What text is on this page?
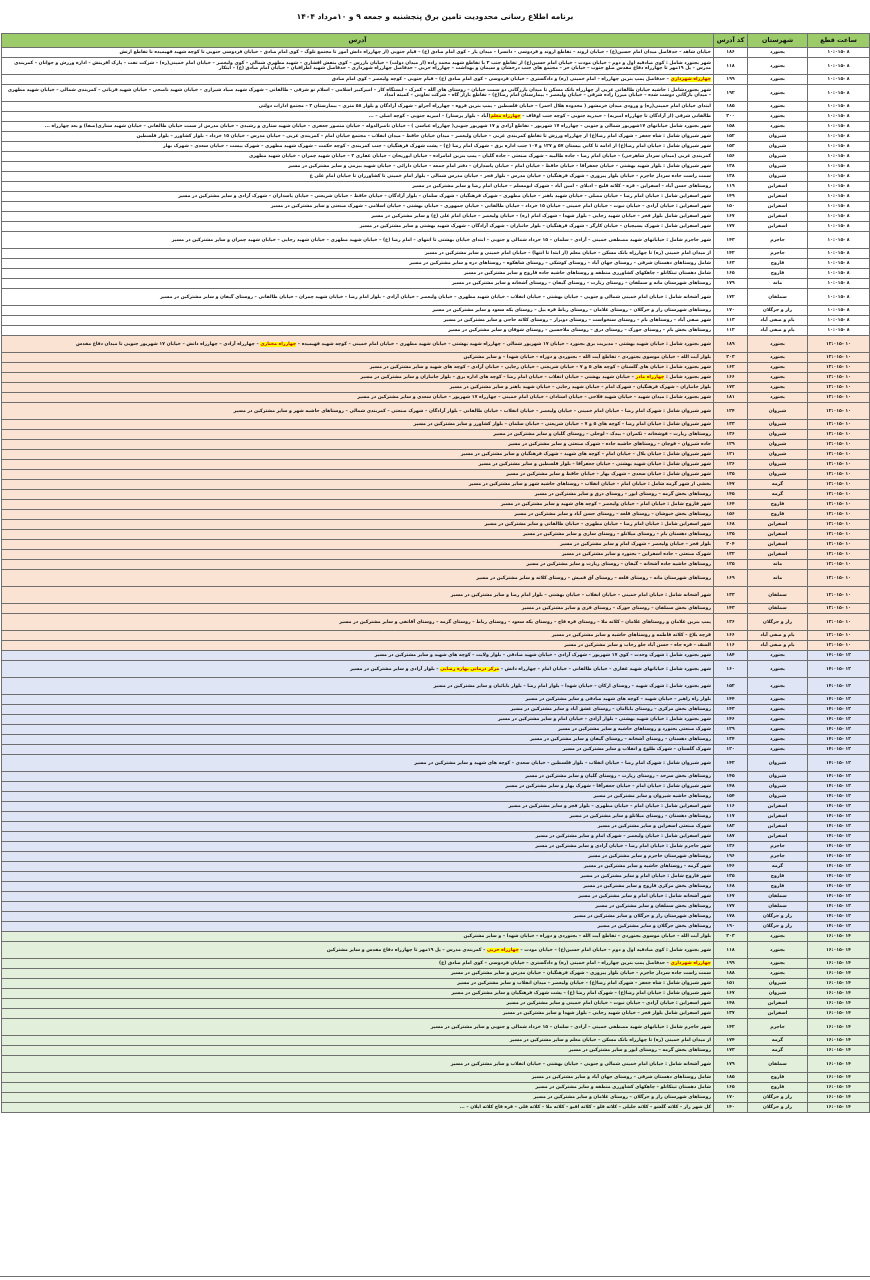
برنامه اطلاع رسانی محدودیت تامین برق پنجشنبه و جمعه ۹ و ۱۰مرداد ۱۴۰۴
ساعت قطع	شهرستان	کد آدرس	آدرس
۸ -۱۰:۰۱۵	بجنورد	۱۸۶	خیابان شاهد – حدفاصل میدان امام حسین(ع) – خیابان اروند – تقاطع اروند و فردوسی – دانسرا – میدان یار – کوی امام صادق (ع) – قیام جنوبی (از چهارراه دانش آموز تا مجتمع تلوگ – کوی امام صادق – خیابان فردوسی جنوبی تا کوچه شهید فهیمیده تا تقاطع ارتش
۸ -۱۰:۰۱۵	بجنورد	۱۱۸	شهر بجنورد شامل : کوی صادقیه اول و دوم – خیابان مودت – خیابان امام حسین(ع) از تقاطع جنب ۲ با تقاطع شهید محمد زاده (از میدان دولت) – خیابان بازرس – کوی بنفش افشاری – شهید مطهری شمالی – کوی ولیعصر – خیابان امام خمینی(ره) – شرکت نفت – پارک آفرینش – اداره ورزش و جوانان – کمربندی مدرس – پل ۱۹مهر تا چهارراه دفاع مقدس ضلع جنوب – خیابان حر – مجتمع های جنب درخشان و سیمان و بهداشت – چهارراه حربی – حدفاصل چهارراه شهرداری – حدفاصل شهید اطرافیان – خیابان امام صادق (ع) – ابتکار
۸ -۱۰:۰۱۵	بجنورد	۱۹۹	چهارراه شهرداری – حدفاصل پمپ بنزین چهارراه – امام خمینی (ره) و دادگستری – خیابان فردوسی – کوی امام صادق (ع) – قیام جنوبی – کوچه ولیعصر – کوی امام صادق
۸ -۱۰:۰۱۵	بجنورد	۱۹۲	شهر بجنوردشامل : حاشیه خیابان طالقانی غربی از چهارراه بانک مسکن تا میدان بارزگانی دو سمت خیابان – روستای های آلله – کمرک – ایستگاه کار – امیرکبیر اسلامی – اسلام نو شرقی – طالقانی – شهرک شهید صیاد شیرازی – خیابان شهید ناصحی – خیابان شهید قربانی – کمربندی شمالی – خیابان شهید مطهری – میدان بازگانی دوست شده – خیابان میرزا زاده شرقی – خیابان ولیعصر – بیمارستان امام رضا(ع) – تقاطع بازار گاه – شرکت تعاونی – کمیته امداد
۸ -۱۰:۰۱۵	بجنورد	۱۸۵	ابتدای خیابان امام خمینی(ره) و ورودی میدان خرمشهر ( محدوده هلال احمر) – خیابان فلسطین – پمپ بنزین قروه – چهارراه آجرلو – شهرک آزادگان و بلوار ۵۸ متری – بیمارستان ۲ – مجتمع ادارات دولتی
۸ -۱۰:۰۱۵	بجنورد	۲۰۰	طالقانی شرقی (از آزادگان تا چهارراه امیریه) – حیدریه جنوبی – کوچه جنب اوقاف – چهارراه معلم(آباد – بلوار پرستار) – امیریه جنوبی – کوچه اصلی – ...
۸ -۱۰:۰۱۵	بجنورد	۱۵۸	شهر بجنورد شامل خیابانهای ۱۷شهریور شمالی و جنوبی – چهارراه ۱۷ شهریور – تقاطع آزادی و ۱۷ شهریور جنوبی( چهارراه عباسی ) – خیابان ناصرالدوله – خیابان منصور جعفری – خیابان شهید ستاری و رشیدی – خیابان مدرس از سمت خیابان طالقانی – خیابان شهید ستاری(صفا) و بعد چهارراه ...
۸ -۱۰:۰۱۵	شیروان	۱۵۲	شهر شیروان شامل : شاه جعفر – شهرک امام رضا(ع) از چهارراه ورزش تا تقاطع کمربندی غربی – خیابان ولیعصر – میدان خیابان حافظ – میدان انقلاب – مجتمع خیابان امام – کمربندی غربی – خیابان مدرس – خیابان ۱۵ خرداد – بلوار کشاورز – بلوار فلسطین
۸ -۱۰:۰۱۵	شیروان	۱۵۳	شهر شیروان شامل : خیابان امام رضا(ع) از ادامه تا کانی بیستان ۵۷ و ۱۲۷ و ۱۰۷ جنب اداره برق – شهرک امام رضا (ع) – پشت شهرک فرهنگیان – جنب کمربندی – کوچه حکمت – شهرک شهید مطهری – شهرک بیست – خیابان سعدی – شهرک بهار
۸ -۱۰:۰۱۵	شیروان	۱۵۶	کمربندی غربی (میدان سردار شاهرخی) – خیابان امام رضا – جاده طالبیه – شهرک صنعتی – جاده گلیان – پمپ بنزین امامزاده – خیابان ابوریحان – خیابان غفاری ۲ – خیابان شهید چمران – خیابان شهید مطهری
۸ -۱۰:۰۱۵	شیروان	۱۳۸	شهر شیروان شامل : بلوار شهید بهشتی – خیابان جعفرآقا – خیابان حافظ – خیابان امام – خیابان پاسداران – دفتر امام جمعه – خیابان دارائی – خیابان شهید بیرمی و سایر مشترکین در مسیر
۸ -۱۰:۰۱۵	شیروان	۱۳۸	سمت راست جاده سردار جاجرم – خیابان بلوار پیروزی – شهرک فرهنگیان – خیابان مدرس – بلوار فجر – خیابان مدرس شمالی – بلوار امام خمینی تا کشاورزان تا خیابان امام علی ع
۸ -۱۰:۰۱۵	اسفراین	۱۱۹	روستاهای حسن آباد – اسفراین – قره – کلاته قلیچ – ادبلای – امین آباد – شهرک ابومسلم – خیابان امام رضا و سایر مشترکین در مسیر
۸ -۱۰:۰۱۵	اسفراین	۱۴۹	شهر اسفراین شامل : خیابان امام رضا – خیابان مصلی – خیابان شهید باهنر – خیابان مطهری – شهرک فرهنگیان – شهرک سلمان – بلوار آزادگان – خیابان حافظ – خیابان شریعتی – خیابان پاسداران – شهرک آزادی و سایر مشترکین در مسیر
۸ -۱۰:۰۱۵	اسفراین	۱۵۰	شهر اسفراین : خیابان آزادی – خیابان نبوت – خیابان امام خمینی – خیابان ۱۵ خرداد – خیابان طالقانی – خیابان جمهوری – خیابان بهشتی – خیابان اسلامی – شهرک صنعتی و سایر مشترکین در مسیر
۸ -۱۰:۰۱۵	اسفراین	۱۶۷	شهر اسفراین شامل بلوار فجر – خیابان شهید رجایی – بلوار شهدا – شهرک امام (ره) – خیابان ولیعصر – خیابان امام علی (ع) و سایر مشترکین در مسیر
۸ -۱۰:۰۱۵	اسفراین	۱۷۷	شهر اسفراین شامل : شهرک بسیجیان – خیابان کارگر – شهرک فرهنگیان – بلوار جانبازان – شهرک آزادگان – شهرک شهید بهشتی و سایر مشترکین در مسیر
۸ -۱۰:۰۱۵	جاجرم	۱۴۳	شهر جاجرم شامل : خیابانهای شهید مصطفی خمینی – آزادی – سلمان – ۱۵ خرداد شمالی و جنوبی – ابتدای خیابان بهشتی تا انتهای – امام رضا (ع) – خیابان شهید مطهری – خیابان شهید رجایی – خیابان شهید چمران و سایر مشترکین در مسیر
۸ -۱۰:۰۱۵	جاجرم	۱۴۲	از میدان امام خمینی (ره) تا چهارراه بانک مسکن – خیابان معلم (از ابتدا تا انتها) – خیابان امام خمینی و سایر مشترکین در مسیر
۸ -۱۰:۰۱۵	فاروج	۱۶۳	شامل روستاهای دهستان شرقی – روستای جهان آباد – روستای کوشکی – روستای شاهکوه – روستاهای دره و سایر مشترکین در مسیر
۸ -۱۰:۰۱۵	فاروج	۱۶۵	شامل دهستان تیتکانلو – چاهکهای کشاورزی منطقه و روستاهای حاشیه جاده فاروج و سایر مشترکین در مسیر
۸ -۱۰:۰۱۵	مانه	۱۷۹	روستاهای شهرستان مانه و سملقان – روستای زیارت – روستای گیفان – روستای آشخانه و سایر مشترکین در مسیر
۸ -۱۰:۰۱۵	سملقان	۱۷۲	شهر آشخانه شامل : خیابان امام خمینی شمالی و جنوبی – خیابان بهشتی – خیابان انقلاب – خیابان شهید مطهری – خیابان ولیعصر – خیابان آزادی – بلوار امام رضا – خیابان شهید چمران – خیابان طالقانی – روستای گیفان و سایر مشترکین در مسیر
۸ -۱۰:۰۱۵	راز و جرگلان	۱۷۰	روستاهای شهرستان راز و جرگلان – روستای غلامان – روستای رباط قره بیل – روستای یکه سعود و سایر مشترکین در مسیر
۸ -۱۰:۰۱۵	بام و صفی آباد	۱۱۳	شهر صفی آباد – روستاهای بام – روستای سنخواست – روستای دوبرار – روستای کلاته حاجی و سایر مشترکین در مسیر
۸ -۱۰:۰۱۵	بام و صفی آباد	۱۱۲	روستاهای بخش بام – روستای جوزک – روستای درق – روستای ملاحسین – روستای شوقان و سایر مشترکین در مسیر
۱۰ -۱۲:۰۱۵	بجنورد	۱۸۹	شهر بجنورد شامل : خیابان شهید بهشتی – مدیریت برق بجنورد – خیابان ۱۷ شهریور شمالی – چهارراه شهید بهشتی – خیابان شهید مطهری – خیابان امام خمینی – کوچه شهید فهیمیده – چهارراه مختاری – چهارراه آزادی – چهارراه دانش – خیابان ۱۷ شهریور جنوبی تا میدان دفاع مقدس
۱۰ -۱۲:۰۱۵	بجنورد	۲۰۳	بلوار آیت الله – خیابان موسوی بجنوردی – تقاطع آیت الله – بجنوردی و دوراه – خیابان شهدا – و سایر مشترکین
۱۰ -۱۲:۰۱۵	بجنورد	۱۶۲	شهر بجنورد شامل : خیابان های گلستان – کوچه های ۵ و ۷ – خیابان شریعتی – خیابان رجایی – خیابان آزادی – کوچه های شهید و سایر مشترکین در مسیر
۱۰ -۱۲:۰۱۵	بجنورد	۱۶۶	شهر بجنورد شامل : چهارراه مادر – خیابان شهید بهشتی – خیابان انقلاب – خیابان امام رضا – کوچه های اداره برق – بلوار جانبازان و سایر مشترکین در مسیر
۱۰ -۱۲:۰۱۵	بجنورد	۱۷۳	بلوار جانبازان – شهرک فرهنگیان – شهرک امام – خیابان شهید رجایی – خیابان شهید باهنر و سایر مشترکین در مسیر
۱۰ -۱۲:۰۱۵	بجنورد	۱۸۱	شهر بجنورد شامل : میدان شهید – خیابان شهید فلاحی – خیابان استادان – خیابان امام خمینی – چهارراه ۱۷ شهریور – خیابان سعدی و سایر مشترکین در مسیر
۱۰ -۱۲:۰۱۵	شیروان	۱۲۴	شهر شیروان شامل : شهرک امام رضا – خیابان امام خمینی – خیابان ولیعصر – خیابان انقلاب – خیابان طالقانی – بلوار آزادگان – شهرک صنعتی – کمربندی شمالی – روستاهای حاشیه شهر و سایر مشترکین در مسیر
۱۰ -۱۲:۰۱۵	شیروان	۱۳۳	شهر شیروان شامل : خیابان امام رضا – کوچه های ۵ و ۷ – خیابان شریعتی – خیابان سلمان – بلوار کشاورز و سایر مشترکین در مسیر
۱۰ -۱۲:۰۱۵	شیروان	۱۳۶	روستاهای زیارت – قوشخانه – تکمران – بیدک – لوجلی – روستای گلیان و سایر مشترکین در مسیر
۱۰ -۱۲:۰۱۵	شیروان	۱۲۹	جاده شیروان – قوچان – روستاهای حاشیه جاده – شهرک صنعتی و سایر مشترکین در مسیر
۱۰ -۱۲:۰۱۵	شیروان	۱۲۱	شهر شیروان شامل : خیابان بلال – خیابان امام – کوچه های شهید – شهرک فرهنگیان و سایر مشترکین در مسیر
۱۰ -۱۲:۰۱۵	شیروان	۱۲۶	شهر شیروان شامل : خیابان شهید بهشتی – خیابان جعفرآقا – بلوار فلسطین و سایر مشترکین در مسیر
۱۰ -۱۲:۰۱۵	شیروان	۱۳۵	شهر شیروان شامل : خیابان سعدی – شهرک بهار – خیابان حافظ و سایر مشترکین در مسیر
۱۰ -۱۲:۰۱۵	گرمه	۱۴۷	بخشی از شهر گرمه شامل : خیابان امام – خیابان انقلاب – روستاهای حاشیه شهر و سایر مشترکین در مسیر
۱۰ -۱۲:۰۱۵	گرمه	۱۴۵	روستاهای بخش گرمه – روستای ایور – روستای درق و سایر مشترکین در مسیر
۱۰ -۱۲:۰۱۵	فاروج	۱۶۴	شهر فاروج شامل : خیابان امام – خیابان ولیعصر – کوچه های شهید و سایر مشترکین در مسیر
۱۰ -۱۲:۰۱۵	فاروج	۱۵۶	روستاهای بخش خبوشان – روستای قلعه – روستای حسن آباد و سایر مشترکین در مسیر
۱۰ -۱۲:۰۱۵	اسفراین	۱۶۸	شهر اسفراین شامل : خیابان امام رضا – خیابان مطهری – خیابان طالقانی و سایر مشترکین در مسیر
۱۰ -۱۲:۰۱۵	اسفراین	۱۳۵	روستاهای دهستان بام – روستای میلانلو – روستای ساری و سایر مشترکین در مسیر
۱۰ -۱۲:۰۱۵	اسفراین	۲۰۴	بلوار فجر – خیابان ولیعصر – شهرک امام و سایر مشترکین در مسیر
۱۰ -۱۲:۰۱۵	اسفراین	۱۳۲	شهرک صنعتی – جاده اسفراین – بجنورد و سایر مشترکین در مسیر
۱۰ -۱۲:۰۱۵	مانه	۱۲۵	روستاهای حاشیه جاده آشخانه – گیفان – روستای زیارت و سایر مشترکین در مسیر
۱۰ -۱۲:۰۱۵	مانه	۱۶۹	روستاهای شهرستان مانه – روستای قلعه – روستای آق قمیش – روستای کلاته و سایر مشترکین در مسیر
۱۰ -۱۲:۰۱۵	سملقان	۱۳۳	شهر آشخانه شامل : خیابان امام خمینی – خیابان انقلاب – خیابان بهشتی – بلوار امام رضا و سایر مشترکین در مسیر
۱۰ -۱۲:۰۱۵	سملقان	۱۴۳	روستاهای بخش سملقان – روستای جوزک – روستای قزی و سایر مشترکین در مسیر
۱۰ -۱۲:۰۱۵	راز و جرگلان	۱۳۶	پمپ بنزین غلامان و روستاهای غلامان – کلاته ملا – روستای قره قاج – روستای یکه سعود – روستای رباط – روستای گرمه – روستای آقاتقی و سایر مشترکین در مسیر
۱۰ -۱۲:۰۱۵	بام و صفی آباد	۱۶۶	قرچه بلاغ – کلاته فاطمه و روستاهای حاشیه و سایر مشترکین در مسیر
۱۰ -۱۲:۰۱۵	بام و صفی آباد	۱۱۶	السف – قره جاه – حسن آباد جلو رجاب و سایر مشترکین در مسیر
۱۲ -۱۴:۰۱۵	بجنورد	۱۸۴	شهر بجنورد شامل : شهرک وحدت – کوی ۱۷ شهریور – شهرک آزادی – خیابان شهید صادقی – بلوار ولایت – کوچه های شهید و سایر مشترکین در مسیر
۱۲ -۱۴:۰۱۵	بجنورد	۱۶۰	شهر بجنورد شامل : خیابانهای شهید غفاری – خیابان طالقانی – خیابان امام – چهارراه دانش – مرکز درمانی بهاره رضایی – بلوار آزادی و سایر مشترکین در مسیر
۱۲ -۱۴:۰۱۵	بجنورد	۱۵۲	شهر بجنورد شامل : شهرک شهید – روستای ارکان – خیابان شهدا – بلوار امام رضا – بلوار بابائیان و سایر مشترکین در مسیر
۱۲ -۱۴:۰۱۵	بجنورد	۱۴۴	بلوار راه راهبر – خیابان شهید – کوچه های شهید صادقی و سایر مشترکین در مسیر
۱۲ -۱۴:۰۱۵	بجنورد	۱۴۳	روستاهای بخش مرکزی – روستای باباامان – روستای عشق آباد و سایر مشترکین در مسیر
۱۲ -۱۴:۰۱۵	بجنورد	۱۴۶	شهر بجنورد شامل : خیابان شهید بهشتی – بلوار آزادی – خیابان امام و سایر مشترکین در مسیر
۱۲ -۱۴:۰۱۵	بجنورد	۱۲۹	شهرک صنعتی بجنورد و روستاهای حاشیه و سایر مشترکین در مسیر
۱۲ -۱۴:۰۱۵	بجنورد	۱۳۴	روستاهای دهستان – روستای آشخانه – روستای گیفان و سایر مشترکین در مسیر
۱۲ -۱۴:۰۱۵	بجنورد	۱۲۰	شهرک گلستان – شهرک طلوع و انقلاب و سایر مشترکین در مسیر
۱۲ -۱۴:۰۱۵	شیروان	۱۴۲	شهر شیروان شامل : شهرک امام رضا – خیابان انقلاب – بلوار فلسطین – خیابان سعدی – کوچه های شهید و سایر مشترکین در مسیر
۱۲ -۱۴:۰۱۵	شیروان	۱۴۵	روستاهای بخش سرحد – روستای زیارت – روستای گلیان و سایر مشترکین در مسیر
۱۲ -۱۴:۰۱۵	شیروان	۱۴۸	شهر شیروان شامل : خیابان امام – خیابان جعفرآقا – شهرک بهار و سایر مشترکین در مسیر
۱۲ -۱۴:۰۱۵	شیروان	۱۵۴	روستاهای حاشیه شیروان و سایر مشترکین در مسیر
۱۲ -۱۴:۰۱۵	اسفراین	۱۱۶	شهر اسفراین شامل : خیابان امام – خیابان مطهری – بلوار فجر و سایر مشترکین در مسیر
۱۲ -۱۴:۰۱۵	اسفراین	۱۱۷	روستاهای دهستان – روستای میلانلو و سایر مشترکین در مسیر
۱۲ -۱۴:۰۱۵	اسفراین	۱۸۲	شهرک صنعتی اسفراین و سایر مشترکین در مسیر
۱۲ -۱۴:۰۱۵	اسفراین	۱۸۷	شهر اسفراین شامل : خیابان ولیعصر – شهرک امام و سایر مشترکین در مسیر
۱۲ -۱۴:۰۱۵	جاجرم	۱۳۶	شهر جاجرم شامل : خیابان امام رضا – خیابان آزادی و سایر مشترکین در مسیر
۱۲ -۱۴:۰۱۵	جاجرم	۱۹۶	روستاهای شهرستان جاجرم و سایر مشترکین در مسیر
۱۲ -۱۴:۰۱۵	گرمه	۱۴۶	شهر گرمه – روستاهای حاشیه و سایر مشترکین در مسیر
۱۲ -۱۴:۰۱۵	فاروج	۱۳۵	شهر فاروج شامل : خیابان امام و سایر مشترکین در مسیر
۱۲ -۱۴:۰۱۵	فاروج	۱۶۸	روستاهای بخش مرکزی فاروج و سایر مشترکین در مسیر
۱۲ -۱۴:۰۱۵	سملقان	۱۶۷	شهر آشخانه شامل : خیابان امام و سایر مشترکین در مسیر
۱۲ -۱۴:۰۱۵	سملقان	۱۷۷	روستاهای بخش سملقان و سایر مشترکین در مسیر
۱۲ -۱۴:۰۱۵	راز و جرگلان	۱۷۸	روستاهای شهرستان راز و جرگلان و سایر مشترکین در مسیر
۱۲ -۱۴:۰۱۵	راز و جرگلان	۱۹۰	روستاهای بخش جرگلان و سایر مشترکین در مسیر
۱۴ -۱۶:۰۱۵	بجنورد	۲۰۳	بلوار آیت الله – خیابان موسوی بجنوردی – تقاطع آیت الله – بجنوردی و دوراه – خیابان شهدا – و سایر مشترکین
۱۴ -۱۶:۰۱۵	بجنورد	۱۱۸	شهر بجنورد شامل : کوی صادقیه اول و دوم – خیابان امام حسین(ع) – خیابان مودت – چهارراه حربی – کمربندی مدرس – پل ۱۹مهر تا چهارراه دفاع مقدس و سایر مشترکین
۱۴ -۱۶:۰۱۵	بجنورد	۱۹۹	چهارراه شهرداری – حدفاصل پمپ بنزین چهارراه – امام خمینی (ره) و دادگستری – خیابان فردوسی – کوی امام صادق (ع)
۱۴ -۱۶:۰۱۵	بجنورد	۱۸۸	سمت راست جاده سردار جاجرم – خیابان بلوار پیروزی – شهرک فرهنگیان – خیابان مدرس و سایر مشترکین در مسیر
۱۴ -۱۶:۰۱۵	شیروان	۱۵۱	شهر شیروان شامل : شاه جعفر – شهرک امام رضا(ع) – خیابان ولیعصر – میدان انقلاب و سایر مشترکین در مسیر
۱۴ -۱۶:۰۱۵	شیروان	۱۶۷	شهر شیروان شامل : خیابان امام رضا(ع) – شهرک امام رضا (ع) – پشت شهرک فرهنگیان و سایر مشترکین در مسیر
۱۴ -۱۶:۰۱۵	اسفراین	۱۴۸	شهر اسفراین : خیابان آزادی – خیابان نبوت – خیابان امام خمینی و سایر مشترکین در مسیر
۱۴ -۱۶:۰۱۵	اسفراین	۱۳۷	شهر اسفراین شامل بلوار فجر – خیابان شهید رجایی – بلوار شهدا و سایر مشترکین در مسیر
۱۴ -۱۶:۰۱۵	جاجرم	۱۴۲	شهر جاجرم شامل : خیابانهای شهید مصطفی خمینی – آزادی – سلمان – ۱۵ خرداد شمالی و جنوبی و سایر مشترکین در مسیر
۱۴ -۱۶:۰۱۵	گرمه	۱۷۴	از میدان امام خمینی (ره) تا چهارراه بانک مسکن – خیابان معلم و سایر مشترکین در مسیر
۱۴ -۱۶:۰۱۵	گرمه	۱۷۳	روستاهای بخش گرمه – روستای ایور و سایر مشترکین در مسیر
۱۴ -۱۶:۰۱۵	سملقان	۱۷۹	شهر آشخانه شامل : خیابان امام خمینی شمالی و جنوبی – خیابان بهشتی – خیابان انقلاب و سایر مشترکین در مسیر
۱۴ -۱۶:۰۱۵	فاروج	۱۸۵	شامل روستاهای دهستان شرقی – روستای جهان آباد و سایر مشترکین در مسیر
۱۴ -۱۶:۰۱۵	فاروج	۱۶۵	شامل دهستان تیتکانلو – چاهکهای کشاورزی منطقه و سایر مشترکین در مسیر
۱۴ -۱۶:۰۱۵	راز و جرگلان	۱۷۰	روستاهای شهرستان راز و جرگلان – روستای غلامان و سایر مشترکین در مسیر
۱۴ -۱۶:۰۱۵	راز و جرگلان	۱۴۰	کل شهر راز – کلاته گلشو – کلاته خلیلی – کلاته قلو – کلاته اقبو – کلاته ملا – کلاته قلی – قره قاچ کلاته ایلان – ...
